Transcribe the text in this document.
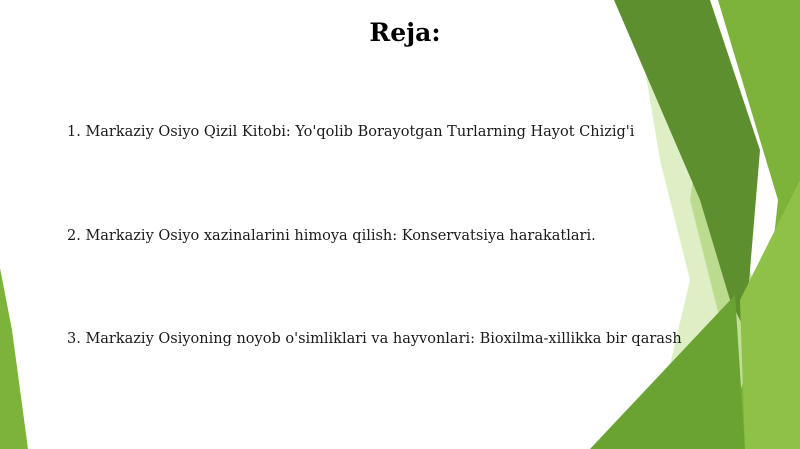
Reja:
1. Markaziy Osiyo Qizil Kitobi: Yo'qolib Borayotgan Turlarning Hayot Chizig'i
2. Markaziy Osiyo xazinalarini himoya qilish: Konservatsiya harakatlari.
3. Markaziy Osiyoning noyob o'simliklari va hayvonlari: Bioxilma-xillikka bir qarash
